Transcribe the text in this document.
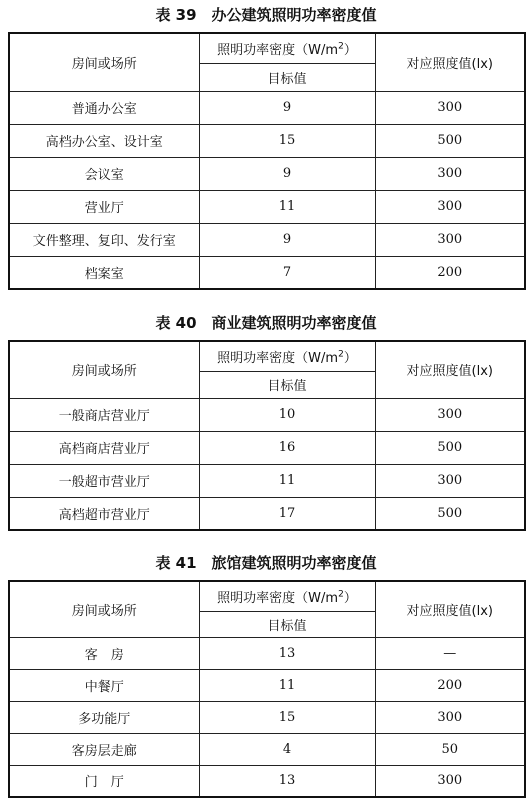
表 39　办公建筑照明功率密度值
房间或场所	照明功率密度$(W/m^2)$	对应照度值(lx)
	目标值	
普通办公室	9	300
高档办公室、设计室	15	500
会议室	9	300
营业厅	11	300
文件整理、复印、发行室	9	300
档案室	7	200
表 40　商业建筑照明功率密度值
房间或场所	照明功率密度$(W/m^2)$	对应照度值(lx)
	目标值	
一般商店营业厅	10	300
高档商店营业厅	16	500
一般超市营业厅	11	300
高档超市营业厅	17	500
表 41　旅馆建筑照明功率密度值
房间或场所	照明功率密度$(W/m^2)$	对应照度值(lx)
	目标值	
客　房	13	—
中餐厅	11	200
多功能厅	15	300
客房层走廊	4	50
门　厅	13	300
